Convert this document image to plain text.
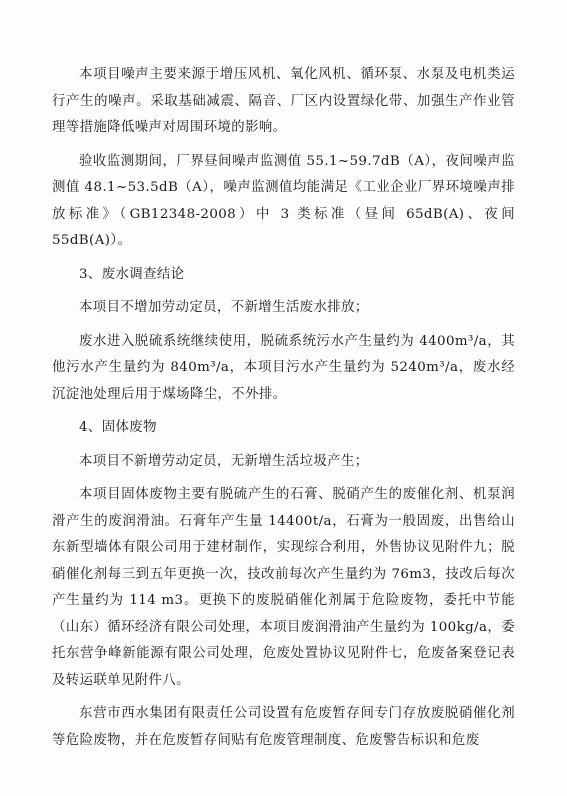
本项目噪声主要来源于增压风机、氧化风机、循环泵、水泵及电机类运行产生的噪声。采取基础减震、隔音、厂区内设置绿化带、加强生产作业管理等措施降低噪声对周围环境的影响。

验收监测期间，厂界昼间噪声监测值 55.1~59.7dB（A），夜间噪声监测值 48.1~53.5dB（A），噪声监测值均能满足《工业企业厂界环境噪声排放标准》（GB12348-2008）中 3 类标准（昼间 65dB(A)、夜间 55dB(A)）。

3、废水调查结论

本项目不增加劳动定员，不新增生活废水排放；

废水进入脱硫系统继续使用，脱硫系统污水产生量约为 4400m³/a，其他污水产生量约为 840m³/a，本项目污水产生量约为 5240m³/a，废水经沉淀池处理后用于煤场降尘，不外排。

4、固体废物

本项目不新增劳动定员，无新增生活垃圾产生；

本项目固体废物主要有脱硫产生的石膏、脱硝产生的废催化剂、机泵润滑产生的废润滑油。石膏年产生量 14400t/a，石膏为一般固废，出售给山东新型墙体有限公司用于建材制作，实现综合利用，外售协议见附件九；脱硝催化剂每三到五年更换一次，技改前每次产生量约为 76m3，技改后每次产生量约为 114 m3。更换下的废脱硝催化剂属于危险废物，委托中节能（山东）循环经济有限公司处理，本项目废润滑油产生量约为 100kg/a，委托东营争峰新能源有限公司处理，危废处置协议见附件七，危废备案登记表及转运联单见附件八。

东营市西水集团有限责任公司设置有危废暂存间专门存放废脱硝催化剂等危险废物，并在危废暂存间贴有危废管理制度、危废警告标识和危废
